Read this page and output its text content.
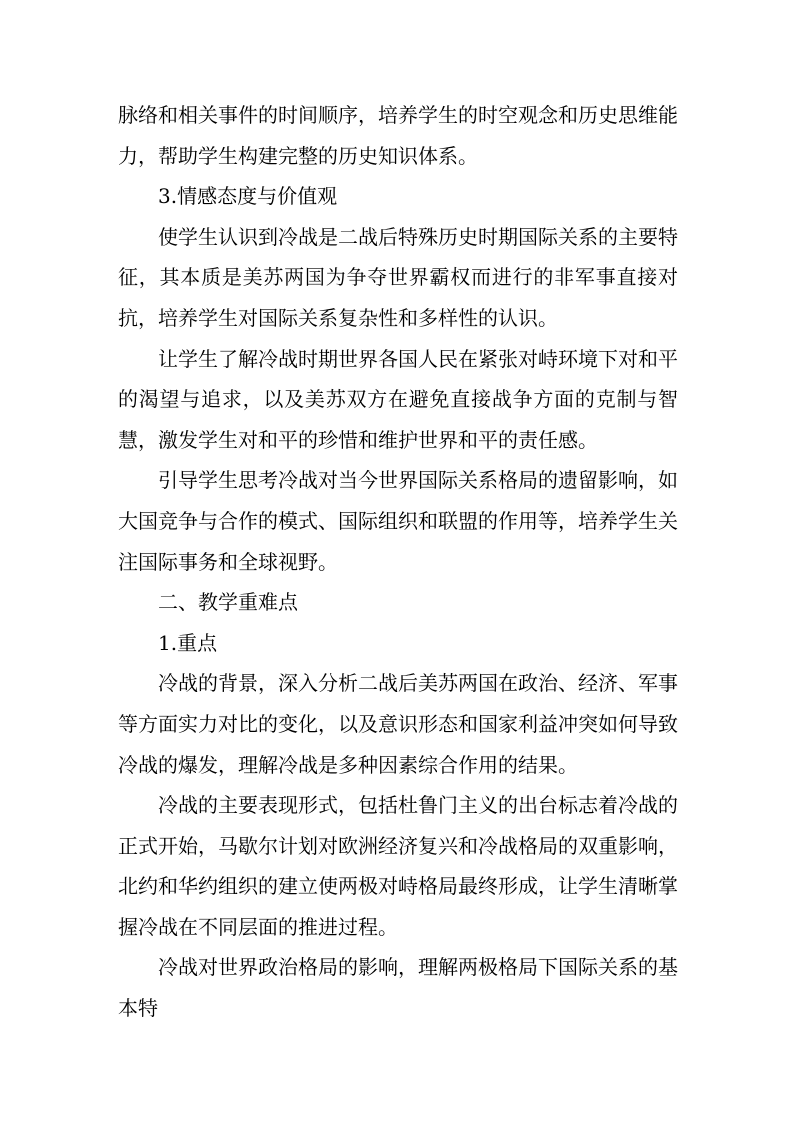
脉络和相关事件的时间顺序，培养学生的时空观念和历史思维能力，帮助学生构建完整的历史知识体系。

3.情感态度与价值观

使学生认识到冷战是二战后特殊历史时期国际关系的主要特征，其本质是美苏两国为争夺世界霸权而进行的非军事直接对抗，培养学生对国际关系复杂性和多样性的认识。

让学生了解冷战时期世界各国人民在紧张对峙环境下对和平的渴望与追求，以及美苏双方在避免直接战争方面的克制与智慧，激发学生对和平的珍惜和维护世界和平的责任感。

引导学生思考冷战对当今世界国际关系格局的遗留影响，如大国竞争与合作的模式、国际组织和联盟的作用等，培养学生关注国际事务和全球视野。

二、教学重难点

1.重点

冷战的背景，深入分析二战后美苏两国在政治、经济、军事等方面实力对比的变化，以及意识形态和国家利益冲突如何导致冷战的爆发，理解冷战是多种因素综合作用的结果。

冷战的主要表现形式，包括杜鲁门主义的出台标志着冷战的正式开始，马歇尔计划对欧洲经济复兴和冷战格局的双重影响，北约和华约组织的建立使两极对峙格局最终形成，让学生清晰掌握冷战在不同层面的推进过程。

冷战对世界政治格局的影响，理解两极格局下国际关系的基本特
